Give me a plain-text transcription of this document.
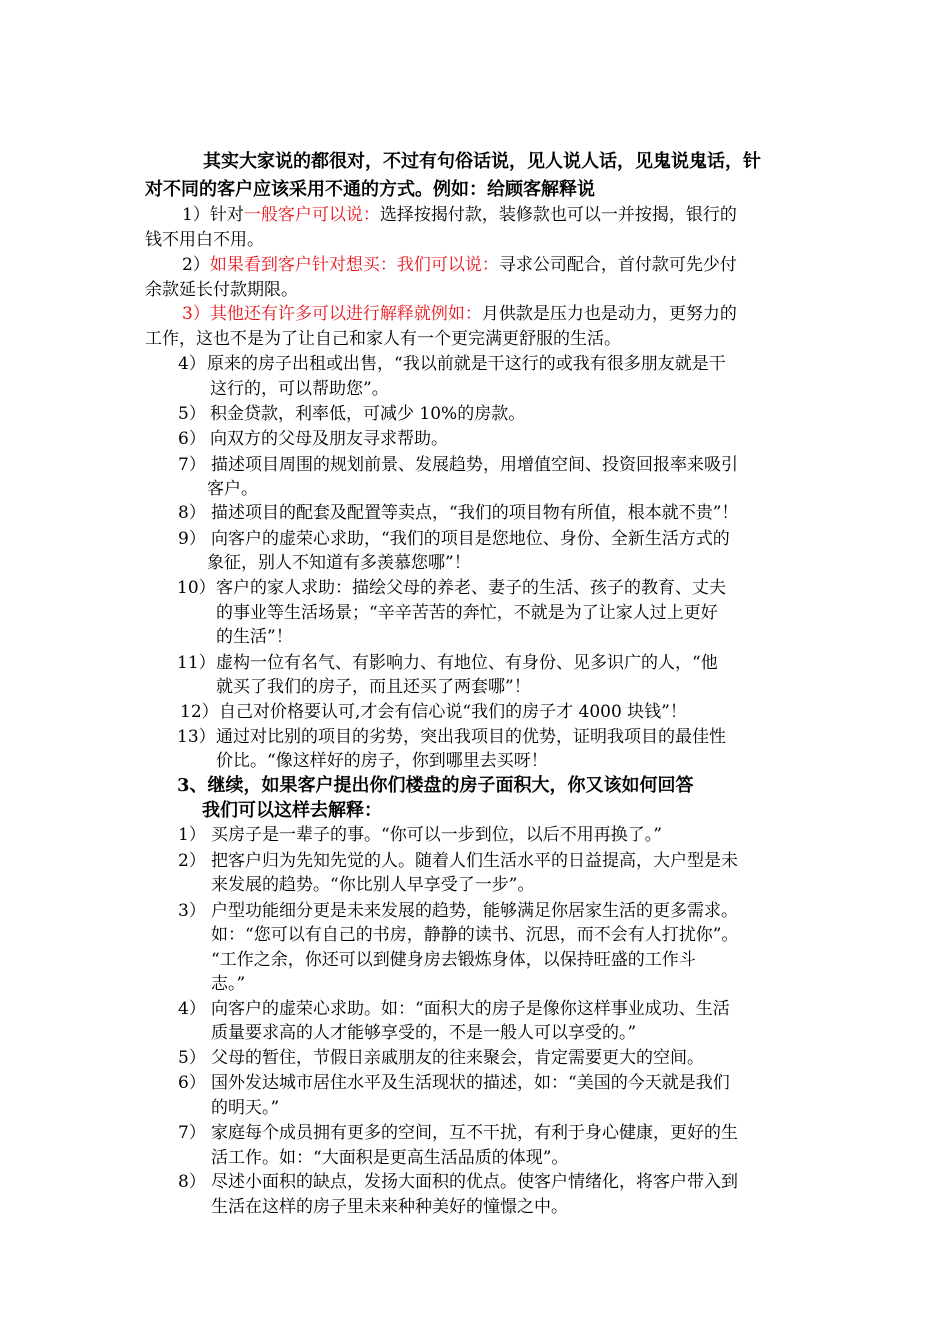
其实大家说的都很对，不过有句俗话说，见人说人话，见鬼说鬼话，针
对不同的客户应该采用不通的方式。例如：给顾客解释说
1）针对一般客户可以说：选择按揭付款，装修款也可以一并按揭，银行的
钱不用白不用。
2）如果看到客户针对想买：我们可以说：寻求公司配合，首付款可先少付
余款延长付款期限。
3）其他还有许多可以进行解释就例如：月供款是压力也是动力，更努力的
工作，这也不是为了让自己和家人有一个更完满更舒服的生活。
4） 原来的房子出租或出售，“我以前就是干这行的或我有很多朋友就是干
这行的，可以帮助您”。
5） 积金贷款，利率低，可减少 10%的房款。
6） 向双方的父母及朋友寻求帮助。
7） 描述项目周围的规划前景、发展趋势，用增值空间、投资回报率来吸引
客户。
8） 描述项目的配套及配置等卖点，“我们的项目物有所值，根本就不贵”！
9） 向客户的虚荣心求助，“我们的项目是您地位、身份、全新生活方式的
象征，别人不知道有多羡慕您哪”！
10） 客户的家人求助：描绘父母的养老、妻子的生活、孩子的教育、丈夫
的事业等生活场景；“辛辛苦苦的奔忙，不就是为了让家人过上更好
的生活”！
11） 虚构一位有名气、有影响力、有地位、有身份、见多识广的人，“他
就买了我们的房子，而且还买了两套哪”！
12） 自己对价格要认可,才会有信心说“我们的房子才 4000 块钱”！
13） 通过对比别的项目的劣势，突出我项目的优势，证明我项目的最佳性
价比。“像这样好的房子，你到哪里去买呀！
3、继续，如果客户提出你们楼盘的房子面积大，你又该如何回答
我们可以这样去解释：
1） 买房子是一辈子的事。“你可以一步到位，以后不用再换了。”
2） 把客户归为先知先觉的人。随着人们生活水平的日益提高，大户型是未
来发展的趋势。“你比别人早享受了一步”。
3） 户型功能细分更是未来发展的趋势，能够满足你居家生活的更多需求。
如：“您可以有自己的书房，静静的读书、沉思，而不会有人打扰你”。
“工作之余，你还可以到健身房去锻炼身体，以保持旺盛的工作斗
志。”
4） 向客户的虚荣心求助。如：“面积大的房子是像你这样事业成功、生活
质量要求高的人才能够享受的，不是一般人可以享受的。”
5） 父母的暂住，节假日亲戚朋友的往来聚会，肯定需要更大的空间。
6） 国外发达城市居住水平及生活现状的描述，如：“美国的今天就是我们
的明天。”
7） 家庭每个成员拥有更多的空间，互不干扰，有利于身心健康，更好的生
活工作。如：“大面积是更高生活品质的体现”。
8） 尽述小面积的缺点，发扬大面积的优点。使客户情绪化，将客户带入到
生活在这样的房子里未来种种美好的憧憬之中。
